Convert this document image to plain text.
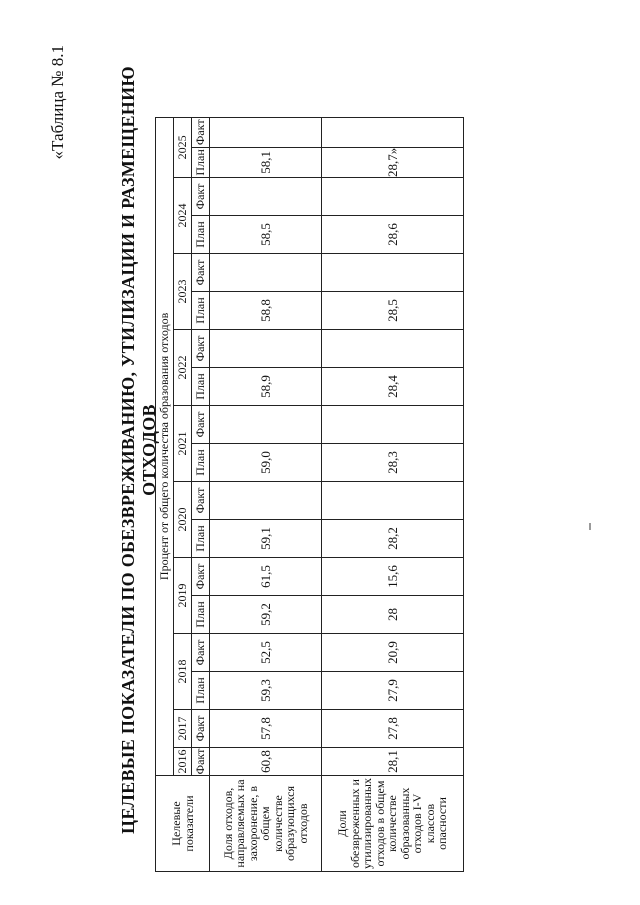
«Таблица № 8.1	ЦЕЛЕВЫЕ ПОКАЗАТЕЛИ ПО ОБЕЗВРЕЖИВАНИЮ, УТИЛИЗАЦИИ И РАЗМЕЩЕНИЮ ОТХОДОВ
Целевые показатели	Процент от общего количества образования отходов																	
	2016	2017	2018		2019		2020		2021		2022		2023		2024		2025	
	Факт	Факт	План	Факт	План	Факт	План	Факт	План	Факт	План	Факт	План	Факт	План	Факт	План	Факт
Доля отходов, направляемых на захоронение, в общем количестве образующихся отходов	60,8	57,8	59,3	52,5	59,2	61,5	59,1		59,0		58,9		58,8		58,5		58,1	
Доли обезвреженных и утилизированных отходов в общем количестве образованных отходов I-V классов опасности	28,1	27,8	27,9	20,9	28	15,6	28,2		28,3		28,4		28,5		28,6		28,7»	
